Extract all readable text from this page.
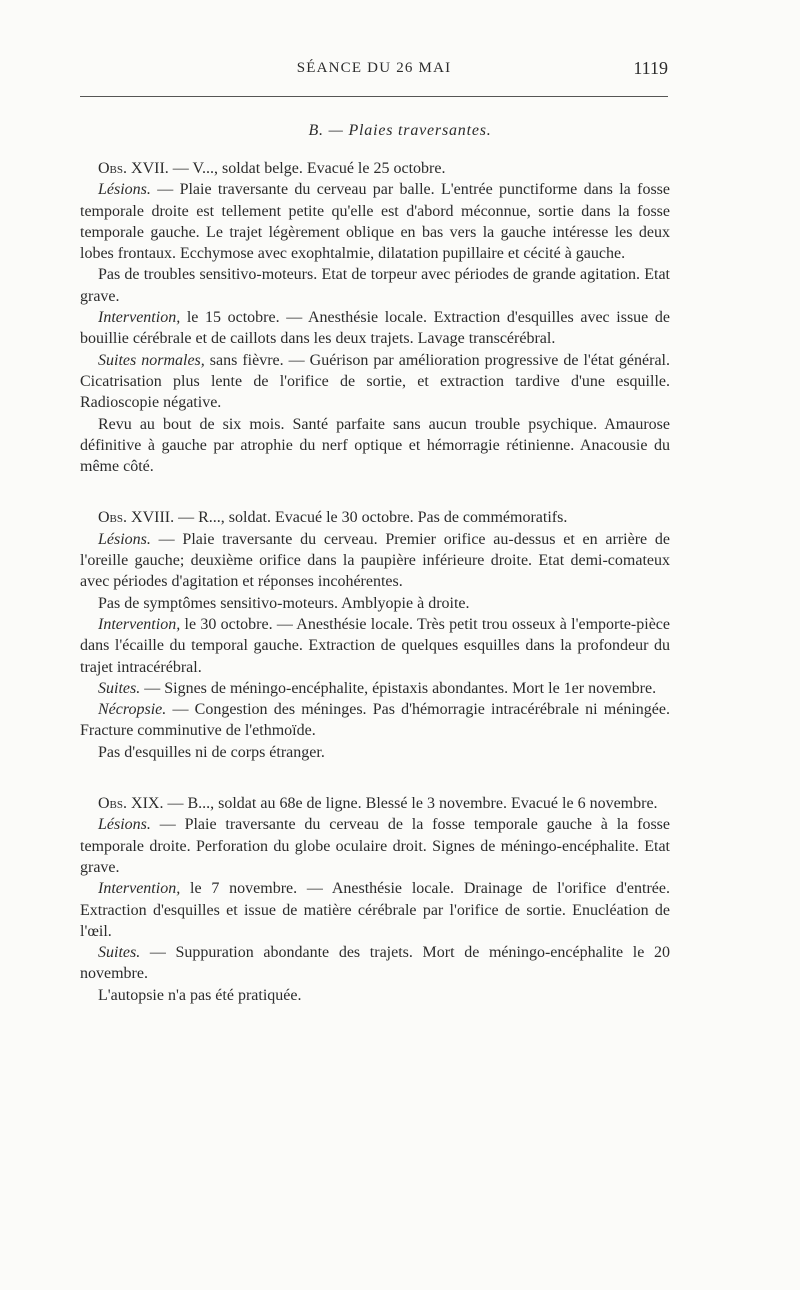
SÉANCE DU 26 MAI	1119
B. — Plaies traversantes.

Obs. XVII. — V..., soldat belge. Evacué le 25 octobre.

Lésions. — Plaie traversante du cerveau par balle. L'entrée punctiforme dans la fosse temporale droite est tellement petite qu'elle est d'abord méconnue, sortie dans la fosse temporale gauche. Le trajet légèrement oblique en bas vers la gauche intéresse les deux lobes frontaux. Ecchymose avec exophtalmie, dilatation pupillaire et cécité à gauche.

Pas de troubles sensitivo-moteurs. Etat de torpeur avec périodes de grande agitation. Etat grave.

Intervention, le 15 octobre. — Anesthésie locale. Extraction d'esquilles avec issue de bouillie cérébrale et de caillots dans les deux trajets. Lavage transcérébral.

Suites normales, sans fièvre. — Guérison par amélioration progressive de l'état général. Cicatrisation plus lente de l'orifice de sortie, et extraction tardive d'une esquille. Radioscopie négative.

Revu au bout de six mois. Santé parfaite sans aucun trouble psychique. Amaurose définitive à gauche par atrophie du nerf optique et hémorragie rétinienne. Anacousie du même côté.

Obs. XVIII. — R..., soldat. Evacué le 30 octobre. Pas de commémoratifs.

Lésions. — Plaie traversante du cerveau. Premier orifice au-dessus et en arrière de l'oreille gauche; deuxième orifice dans la paupière inférieure droite. Etat demi-comateux avec périodes d'agitation et réponses incohérentes.

Pas de symptômes sensitivo-moteurs. Amblyopie à droite.

Intervention, le 30 octobre. — Anesthésie locale. Très petit trou osseux à l'emporte-pièce dans l'écaille du temporal gauche. Extraction de quelques esquilles dans la profondeur du trajet intracérébral.

Suites. — Signes de méningo-encéphalite, épistaxis abondantes. Mort le 1er novembre.

Nécropsie. — Congestion des méninges. Pas d'hémorragie intracérébrale ni méningée. Fracture comminutive de l'ethmoïde.

Pas d'esquilles ni de corps étranger.

Obs. XIX. — B..., soldat au 68e de ligne. Blessé le 3 novembre. Evacué le 6 novembre.

Lésions. — Plaie traversante du cerveau de la fosse temporale gauche à la fosse temporale droite. Perforation du globe oculaire droit. Signes de méningo-encéphalite. Etat grave.

Intervention, le 7 novembre. — Anesthésie locale. Drainage de l'orifice d'entrée. Extraction d'esquilles et issue de matière cérébrale par l'orifice de sortie. Enucléation de l'œil.

Suites. — Suppuration abondante des trajets. Mort de méningo-encéphalite le 20 novembre.

L'autopsie n'a pas été pratiquée.
